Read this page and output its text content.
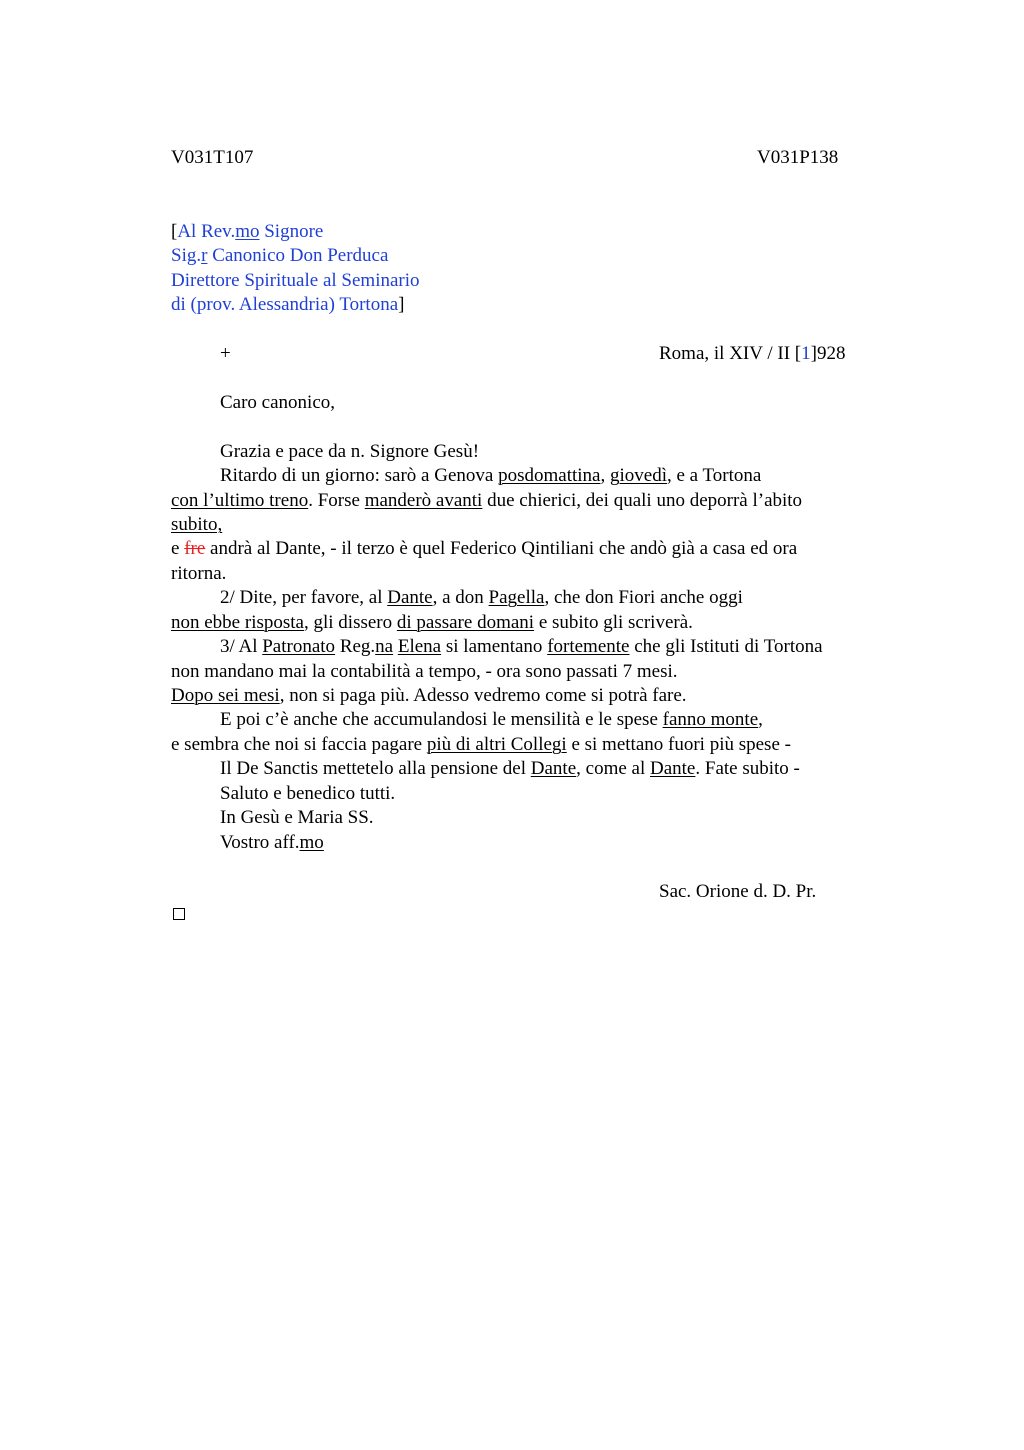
V031T107	V031P138
[Al Rev.mo Signore
Sig.r Canonico Don Perduca
Direttore Spirituale al Seminario
di (prov. Alessandria) Tortona]
+	Roma, il XIV / II [1]928
Caro canonico,
Grazia e pace da n. Signore Gesù!
Ritardo di un giorno: sarò a Genova posdomattina, giovedì, e a Tortona
con l’ultimo treno. Forse manderò avanti due chierici, dei quali uno deporrà l’abito
subito,
e fre andrà al Dante, - il terzo è quel Federico Qintiliani che andò già a casa ed ora
ritorna.
2/ Dite, per favore, al Dante, a don Pagella, che don Fiori anche oggi
non ebbe risposta, gli dissero di passare domani e subito gli scriverà.
3/ Al Patronato Reg.na Elena si lamentano fortemente che gli Istituti di Tortona
non mandano mai la contabilità a tempo, - ora sono passati 7 mesi.
Dopo sei mesi, non si paga più. Adesso vedremo come si potrà fare.
E poi c’è anche che accumulandosi le mensilità e le spese fanno monte,
e sembra che noi si faccia pagare più di altri Collegi e si mettano fuori più spese -
Il De Sanctis mettetelo alla pensione del Dante, come al Dante. Fate subito -
Saluto e benedico tutti.
In Gesù e Maria SS.
Vostro aff.mo
Sac. Orione d. D. Pr.
